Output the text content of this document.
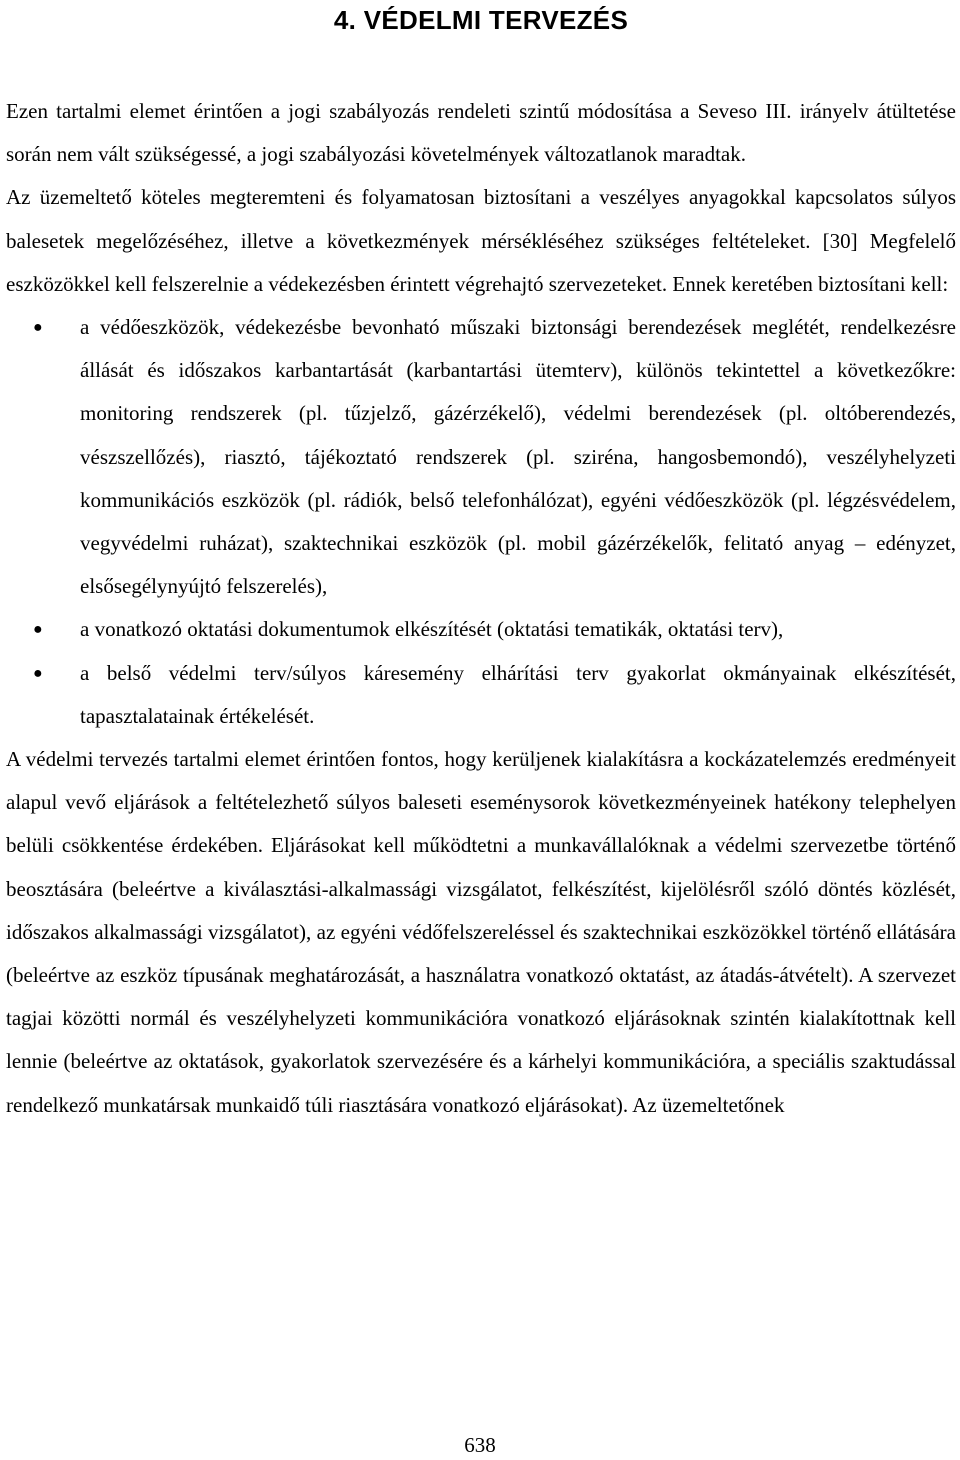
4. VÉDELMI TERVEZÉS

Ezen tartalmi elemet érintően a jogi szabályozás rendeleti szintű módosítása a Seveso III. irányelv átültetése során nem vált szükségessé, a jogi szabályozási követelmények változatlanok maradtak.

Az üzemeltető köteles megteremteni és folyamatosan biztosítani a veszélyes anyagokkal kapcsolatos súlyos balesetek megelőzéséhez, illetve a következmények mérsékléséhez szükséges feltételeket. [30] Megfelelő eszközökkel kell felszerelnie a védekezésben érintett végrehajtó szervezeteket. Ennek keretében biztosítani kell:

● a védőeszközök, védekezésbe bevonható műszaki biztonsági berendezések meglétét, rendelkezésre állását és időszakos karbantartását (karbantartási ütemterv), különös tekintettel a következőkre: monitoring rendszerek (pl. tűzjelző, gázérzékelő), védelmi berendezések (pl. oltóberendezés, vészszellőzés), riasztó, tájékoztató rendszerek (pl. sziréna, hangosbemondó), veszélyhelyzeti kommunikációs eszközök (pl. rádiók, belső telefonhálózat), egyéni védőeszközök (pl. légzésvédelem, vegyvédelmi ruházat), szaktechnikai eszközök (pl. mobil gázérzékelők, felitató anyag – edényzet, elsősegélynyújtó felszerelés),
● a vonatkozó oktatási dokumentumok elkészítését (oktatási tematikák, oktatási terv),
● a belső védelmi terv/súlyos káresemény elhárítási terv gyakorlat okmányainak elkészítését, tapasztalatainak értékelését.

A védelmi tervezés tartalmi elemet érintően fontos, hogy kerüljenek kialakításra a kockázatelemzés eredményeit alapul vevő eljárások a feltételezhető súlyos baleseti eseménysorok következményeinek hatékony telephelyen belüli csökkentése érdekében. Eljárásokat kell működtetni a munkavállalóknak a védelmi szervezetbe történő beosztására (beleértve a kiválasztási-alkalmassági vizsgálatot, felkészítést, kijelölésről szóló döntés közlését, időszakos alkalmassági vizsgálatot), az egyéni védőfelszereléssel és szaktechnikai eszközökkel történő ellátására (beleértve az eszköz típusának meghatározását, a használatra vonatkozó oktatást, az átadás-átvételt). A szervezet tagjai közötti normál és veszélyhelyzeti kommunikációra vonatkozó eljárásoknak szintén kialakítottnak kell lennie (beleértve az oktatások, gyakorlatok szervezésére és a kárhelyi kommunikációra, a speciális szaktudással rendelkező munkatársak munkaidő túli riasztására vonatkozó eljárásokat). Az üzemeltetőnek

638
